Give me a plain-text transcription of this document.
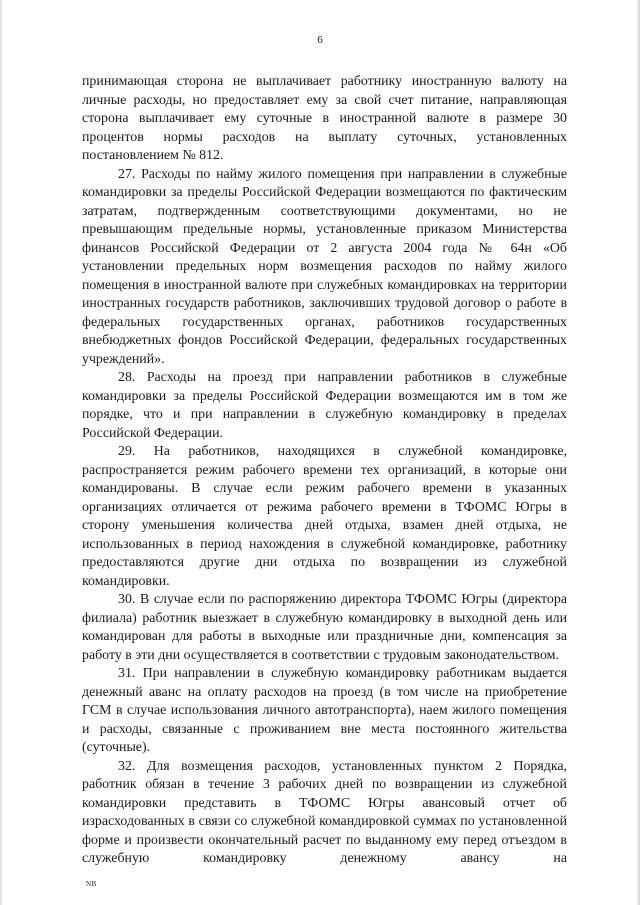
6

принимающая сторона не выплачивает работнику иностранную валюту на личные расходы, но предоставляет ему за свой счет питание, направляющая сторона выплачивает ему суточные в иностранной валюте в размере 30 процентов нормы расходов на выплату суточных, установленных постановлением № 812.

27. Расходы по найму жилого помещения при направлении в служебные командировки за пределы Российской Федерации возмещаются по фактическим затратам, подтвержденным соответствующими документами, но не превышающим предельные нормы, установленные приказом Министерства финансов Российской Федерации от 2 августа 2004 года № 64н «Об установлении предельных норм возмещения расходов по найму жилого помещения в иностранной валюте при служебных командировках на территории иностранных государств работников, заключивших трудовой договор о работе в федеральных государственных органах, работников государственных внебюджетных фондов Российской Федерации, федеральных государственных учреждений».

28. Расходы на проезд при направлении работников в служебные командировки за пределы Российской Федерации возмещаются им в том же порядке, что и при направлении в служебную командировку в пределах Российской Федерации.

29. На работников, находящихся в служебной командировке, распространяется режим рабочего времени тех организаций, в которые они командированы. В случае если режим рабочего времени в указанных организациях отличается от режима рабочего времени в ТФОМС Югры в сторону уменьшения количества дней отдыха, взамен дней отдыха, не использованных в период нахождения в служебной командировке, работнику предоставляются другие дни отдыха по возвращении из служебной командировки.

30. В случае если по распоряжению директора ТФОМС Югры (директора филиала) работник выезжает в служебную командировку в выходной день или командирован для работы в выходные или праздничные дни, компенсация за работу в эти дни осуществляется в соответствии с трудовым законодательством.

31. При направлении в служебную командировку работникам выдается денежный аванс на оплату расходов на проезд (в том числе на приобретение ГСМ в случае использования личного автотранспорта), наем жилого помещения и расходы, связанные с проживанием вне места постоянного жительства (суточные).

32. Для возмещения расходов, установленных пунктом 2 Порядка, работник обязан в течение 3 рабочих дней по возвращении из служебной командировки представить в ТФОМС Югры авансовый отчет об израсходованных в связи со служебной командировкой суммах по установленной форме и произвести окончательный расчет по выданному ему перед отъездом в служебную командировку денежному авансу на

NB
